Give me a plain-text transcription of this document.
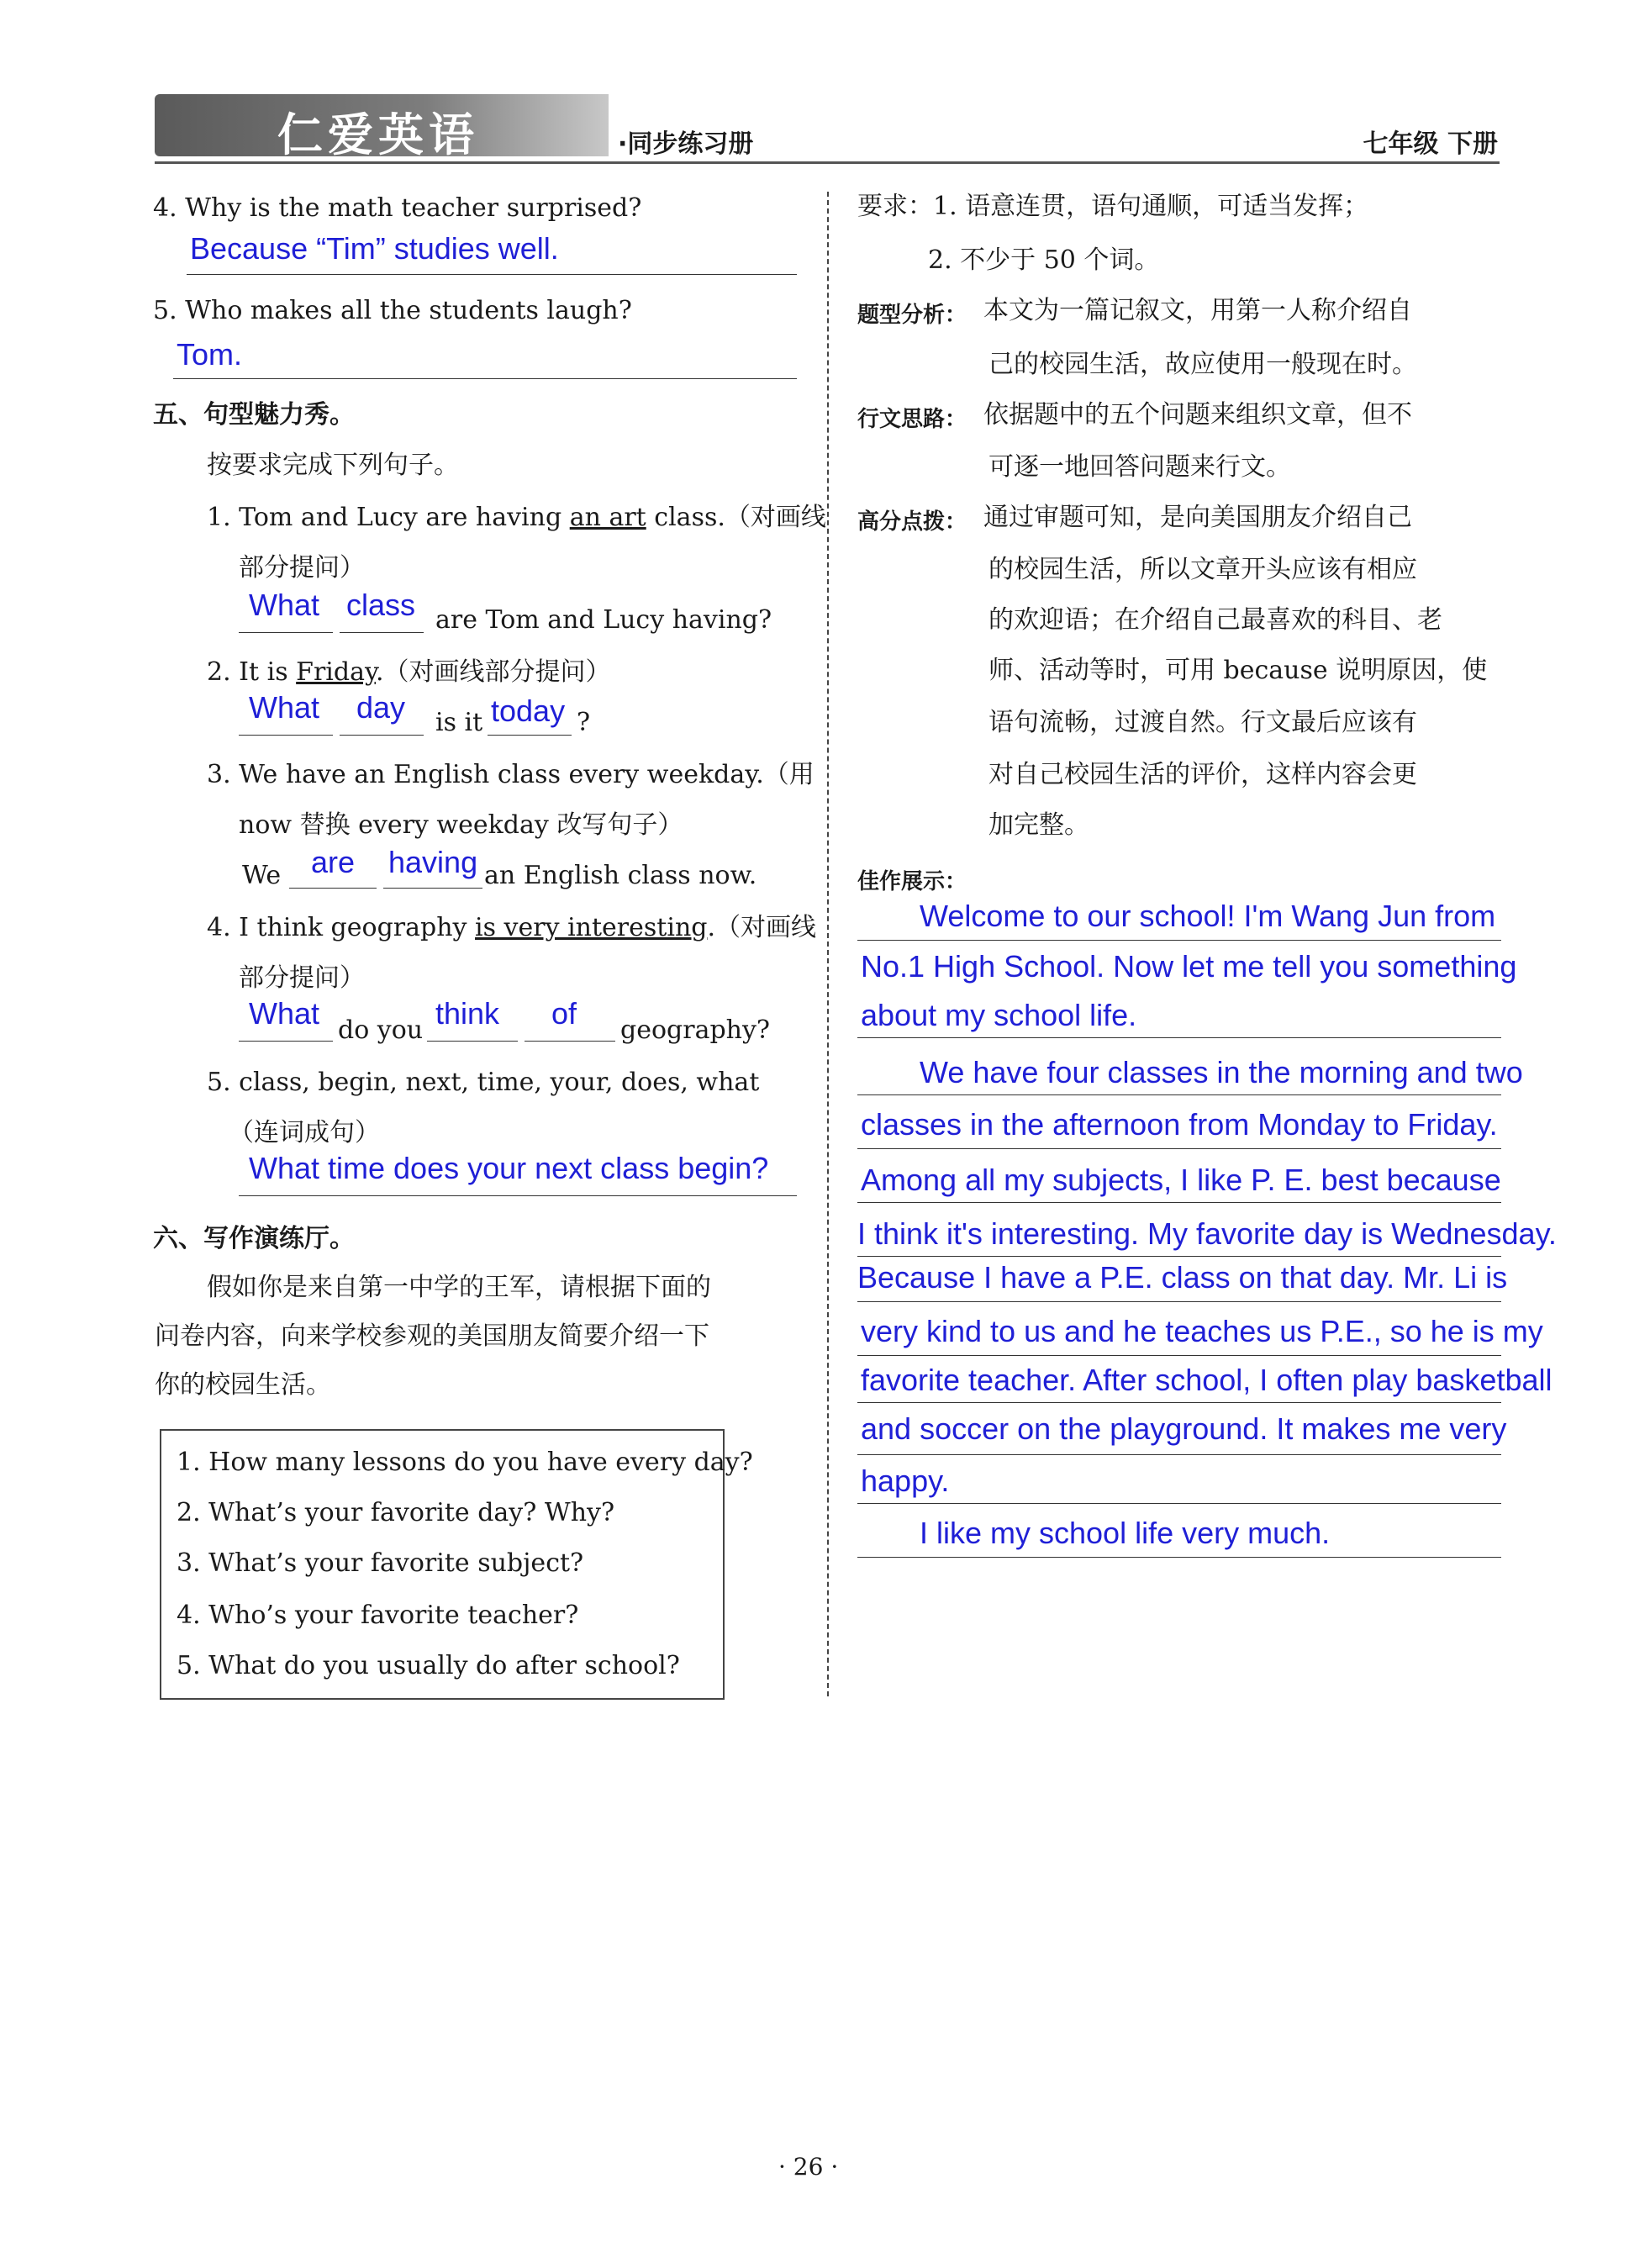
仁爱英语	·同步练习册	七年级 下册
4. Why is the math teacher surprised?
Because “Tim” studies well.
5. Who makes all the students laugh?
Tom.
五、句型魅力秀。
按要求完成下列句子。
1. Tom and Lucy are having an art class.（对画线
部分提问）
What class are Tom and Lucy having?
2. It is Friday.（对画线部分提问）
What day is it today ?
3. We have an English class every weekday.（用
now 替换 every weekday 改写句子）
We are having an English class now.
4. I think geography is very interesting.（对画线
部分提问）
What do you think of geography?
5. class, begin, next, time, your, does, what
（连词成句）
What time does your next class begin?
六、写作演练厅。
假如你是来自第一中学的王军，请根据下面的
问卷内容，向来学校参观的美国朋友简要介绍一下
你的校园生活。
1. How many lessons do you have every day?
2. What’s your favorite day? Why?
3. What’s your favorite subject?
4. Who’s your favorite teacher?
5. What do you usually do after school?
要求：1. 语意连贯，语句通顺，可适当发挥；
2. 不少于 50 个词。
题型分析： 本文为一篇记叙文，用第一人称介绍自
己的校园生活，故应使用一般现在时。
行文思路： 依据题中的五个问题来组织文章，但不
可逐一地回答问题来行文。
高分点拨： 通过审题可知，是向美国朋友介绍自己
的校园生活，所以文章开头应该有相应
的欢迎语；在介绍自己最喜欢的科目、老
师、活动等时，可用 because 说明原因，使
语句流畅，过渡自然。行文最后应该有
对自己校园生活的评价，这样内容会更
加完整。
佳作展示：
Welcome to our school! I'm Wang Jun from
No.1 High School. Now let me tell you something
about my school life.
We have four classes in the morning and two
classes in the afternoon from Monday to Friday.
Among all my subjects, I like P. E. best because
I think it's interesting. My favorite day is Wednesday.
Because I have a P.E. class on that day. Mr. Li is
very kind to us and he teaches us P.E., so he is my
favorite teacher. After school, I often play basketball
and soccer on the playground. It makes me very
happy.
I like my school life very much.
· 26 ·
